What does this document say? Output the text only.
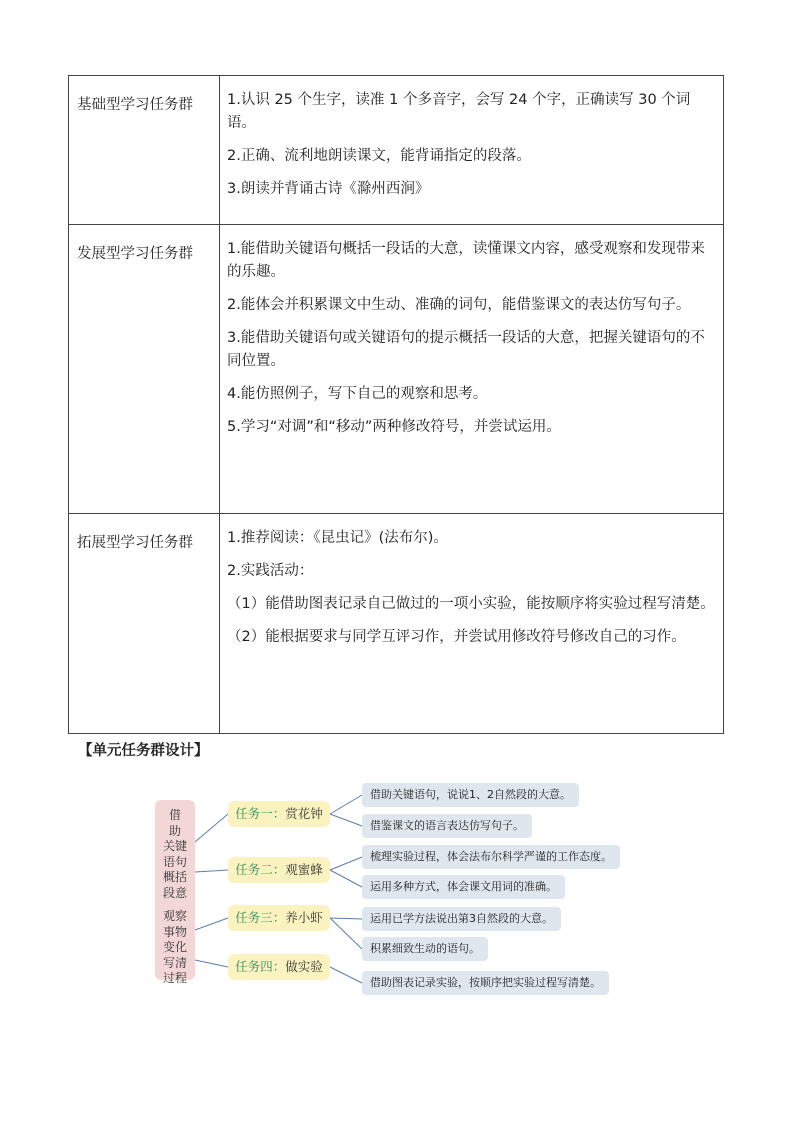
基础型学习任务群	1.认识 25 个生字，读准 1 个多音字，会写 24 个字，正确读写 30 个词语。

2.正确、流利地朗读课文，能背诵指定的段落。

3.朗读并背诵古诗《滁州西涧》

发展型学习任务群	1.能借助关键语句概括一段话的大意，读懂课文内容，感受观察和发现带来的乐趣。

2.能体会并积累课文中生动、准确的词句，能借鉴课文的表达仿写句子。

3.能借助关键语句或关键语句的提示概括一段话的大意，把握关键语句的不同位置。

4.能仿照例子，写下自己的观察和思考。

5.学习“对调”和“移动”两种修改符号，并尝试运用。

拓展型学习任务群	1.推荐阅读：《昆虫记》(法布尔)。

2.实践活动：

（1）能借助图表记录自己做过的一项小实验，能按顺序将实验过程写清楚。

（2）能根据要求与同学互评习作，并尝试用修改符号修改自己的习作。

【单元任务群设计】
借
助
关键
语句
概括
段意
观察
事物
变化
写清
过程
任务一：赏花钟
任务二：观蜜蜂
任务三：养小虾
任务四：做实验
借助关键语句，说说1、2自然段的大意。
借鉴课文的语言表达仿写句子。
梳理实验过程，体会法布尔科学严谨的工作态度。
运用多种方式，体会课文用词的准确。
运用已学方法说出第3自然段的大意。
积累细致生动的语句。
借助图表记录实验，按顺序把实验过程写清楚。
